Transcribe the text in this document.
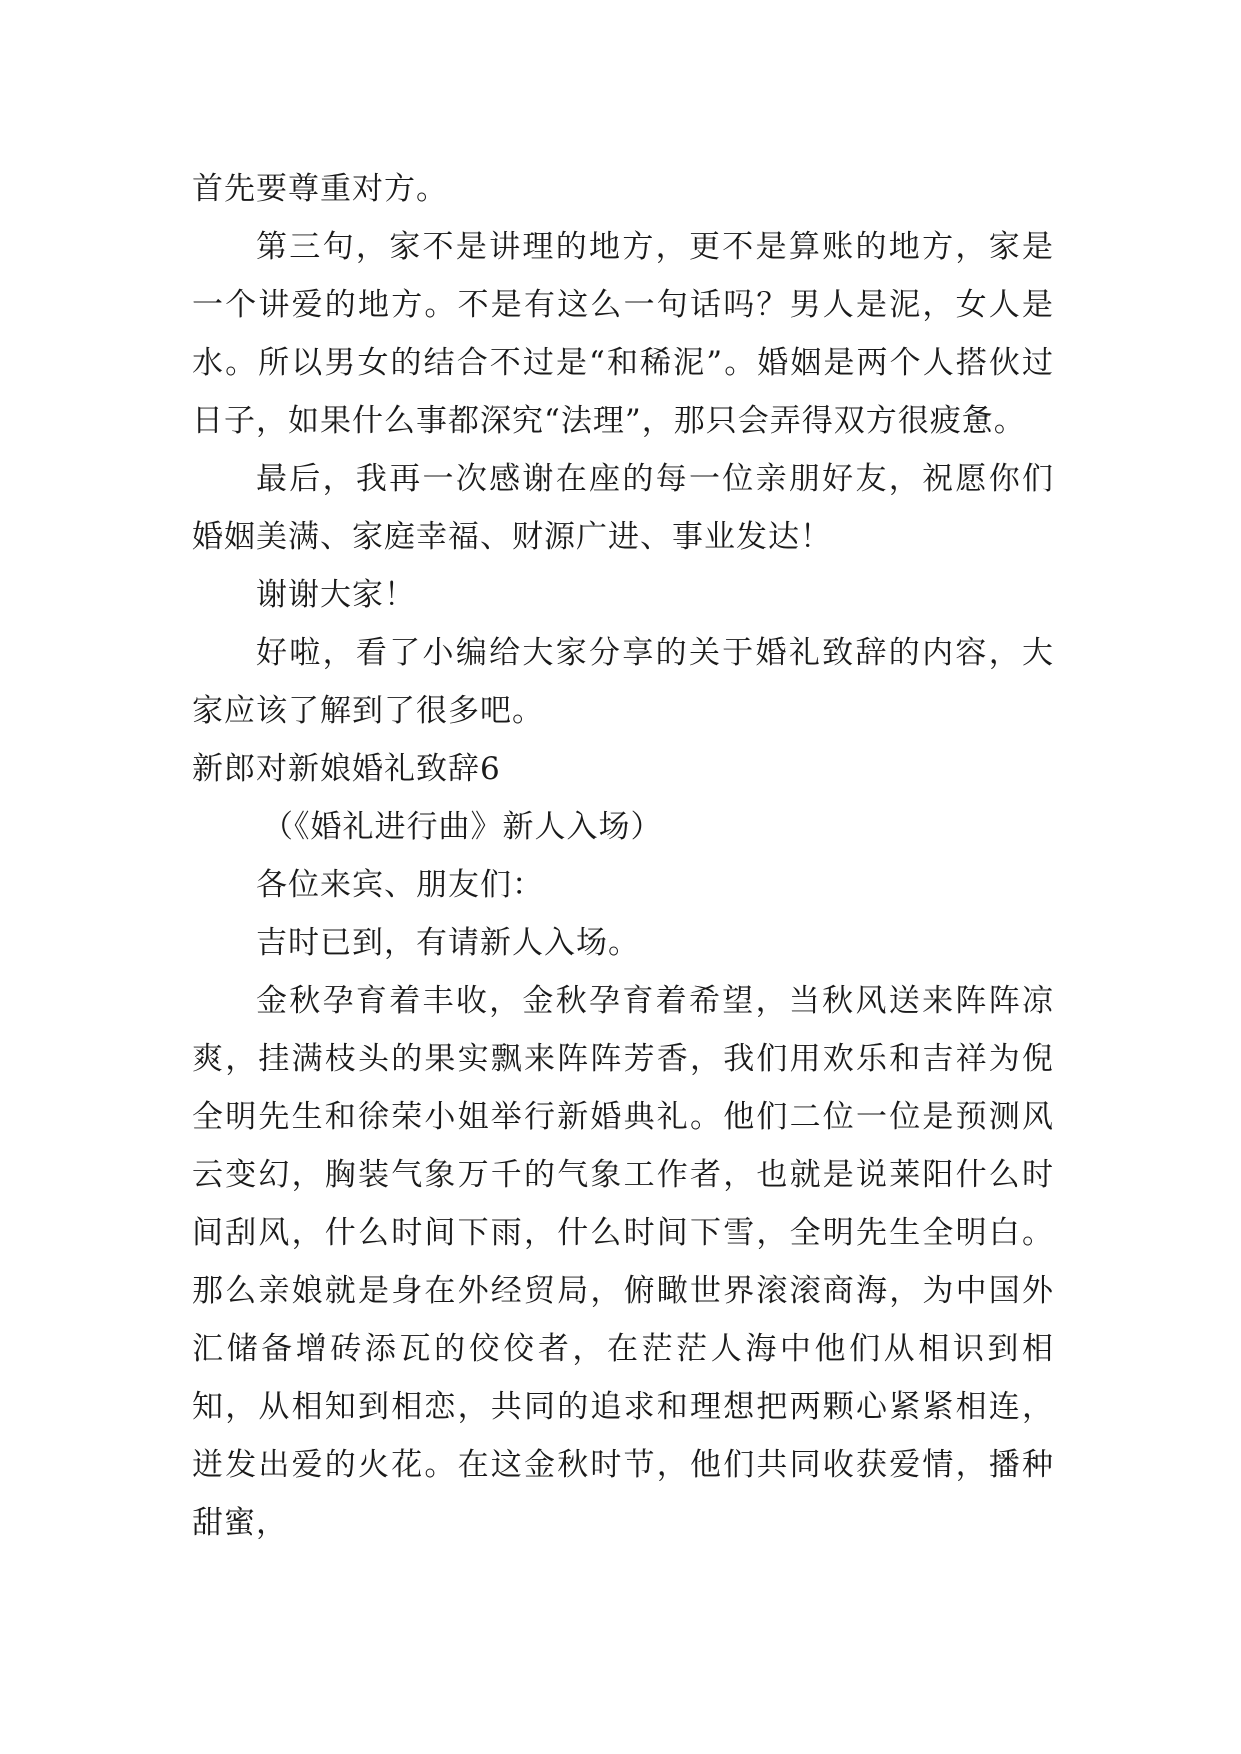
首先要尊重对方。

第三句，家不是讲理的地方，更不是算账的地方，家是一个讲爱的地方。不是有这么一句话吗？男人是泥，女人是水。所以男女的结合不过是“和稀泥”。婚姻是两个人搭伙过日子，如果什么事都深究“法理”，那只会弄得双方很疲惫。

最后，我再一次感谢在座的每一位亲朋好友，祝愿你们婚姻美满、家庭幸福、财源广进、事业发达！

谢谢大家！

好啦，看了小编给大家分享的关于婚礼致辞的内容，大家应该了解到了很多吧。

新郎对新娘婚礼致辞6

（《婚礼进行曲》新人入场）

各位来宾、朋友们：

吉时已到，有请新人入场。

金秋孕育着丰收，金秋孕育着希望，当秋风送来阵阵凉爽，挂满枝头的果实飘来阵阵芳香，我们用欢乐和吉祥为倪全明先生和徐荣小姐举行新婚典礼。他们二位一位是预测风云变幻，胸装气象万千的气象工作者，也就是说莱阳什么时间刮风，什么时间下雨，什么时间下雪，全明先生全明白。那么亲娘就是身在外经贸局，俯瞰世界滚滚商海，为中国外汇储备增砖添瓦的佼佼者，在茫茫人海中他们从相识到相知，从相知到相恋，共同的追求和理想把两颗心紧紧相连，迸发出爱的火花。在这金秋时节，他们共同收获爱情，播种甜蜜，
